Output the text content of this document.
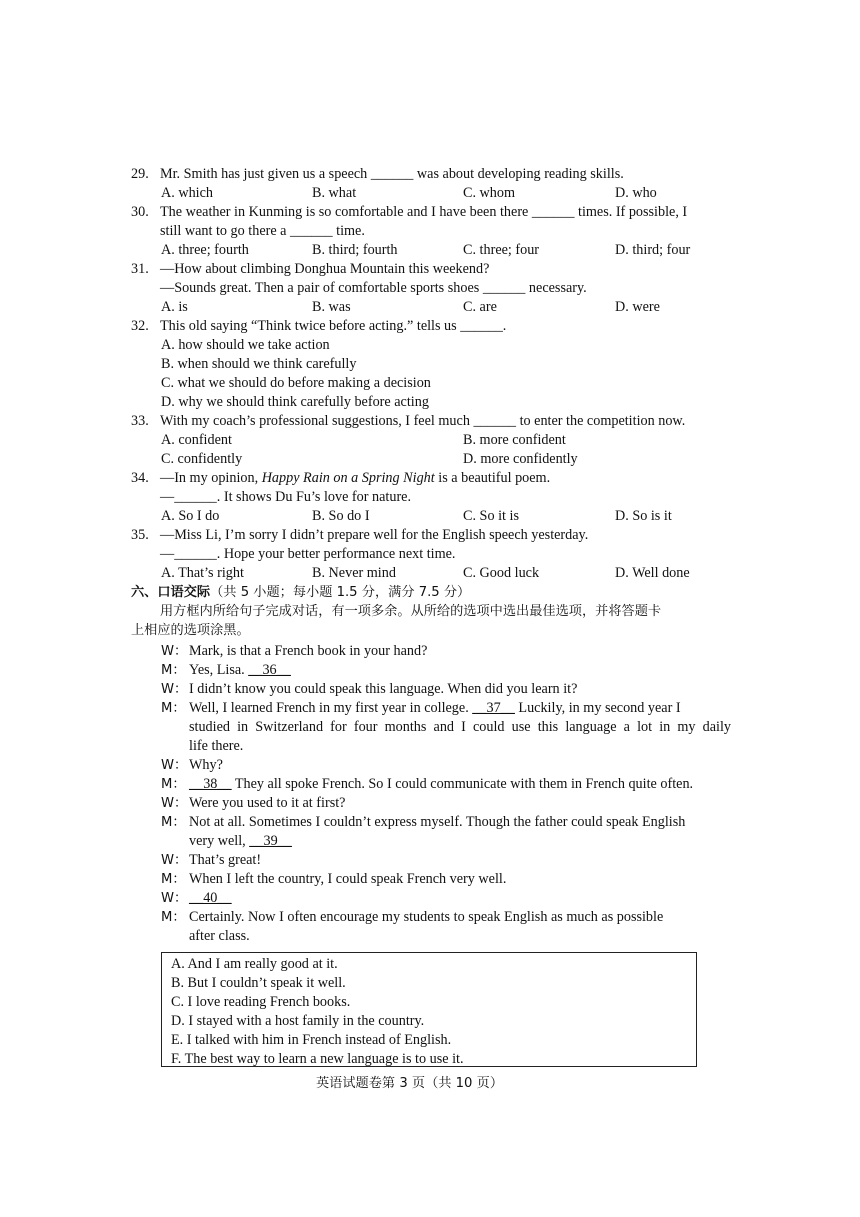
29. Mr. Smith has just given us a speech ______ was about developing reading skills.
A. which	B. what	C. whom	D. who
30. The weather in Kunming is so comfortable and I have been there ______ times. If possible, I
still want to go there a ______ time.
A. three; fourth	B. third; fourth	C. three; four	D. third; four
31. —How about climbing Donghua Mountain this weekend?
—Sounds great. Then a pair of comfortable sports shoes ______ necessary.
A. is	B. was	C. are	D. were
32. This old saying “Think twice before acting.” tells us ______.
A. how should we take action
B. when should we think carefully
C. what we should do before making a decision
D. why we should think carefully before acting
33. With my coach’s professional suggestions, I feel much ______ to enter the competition now.
A. confident	B. more confident
C. confidently	D. more confidently
34. —In my opinion, Happy Rain on a Spring Night is a beautiful poem.
—______. It shows Du Fu’s love for nature.
A. So I do	B. So do I	C. So it is	D. So is it
35. —Miss Li, I’m sorry I didn’t prepare well for the English speech yesterday.
—______. Hope your better performance next time.
A. That’s right	B. Never mind	C. Good luck	D. Well done
六、口语交际（共 5 小题；每小题 1.5 分，满分 7.5 分）
用方框内所给句子完成对话，有一项多余。从所给的选项中选出最佳选项，并将答题卡
上相应的选项涂黑。
W： Mark, is that a French book in your hand?
M： Yes, Lisa. __36__
W： I didn’t know you could speak this language. When did you learn it?
M： Well, I learned French in my first year in college. __37__ Luckily, in my second year I
studied in Switzerland for four months and I could use this language a lot in my daily
life there.
W： Why?
M： __38__ They all spoke French. So I could communicate with them in French quite often.
W： Were you used to it at first?
M： Not at all. Sometimes I couldn’t express myself. Though the father could speak English
very well, __39__
W： That’s great!
M： When I left the country, I could speak French very well.
W： __40__
M： Certainly. Now I often encourage my students to speak English as much as possible
after class.
A. And I am really good at it.
B. But I couldn’t speak it well.
C. I love reading French books.
D. I stayed with a host family in the country.
E. I talked with him in French instead of English.
F. The best way to learn a new language is to use it.
英语试题卷第 3 页（共 10 页）
